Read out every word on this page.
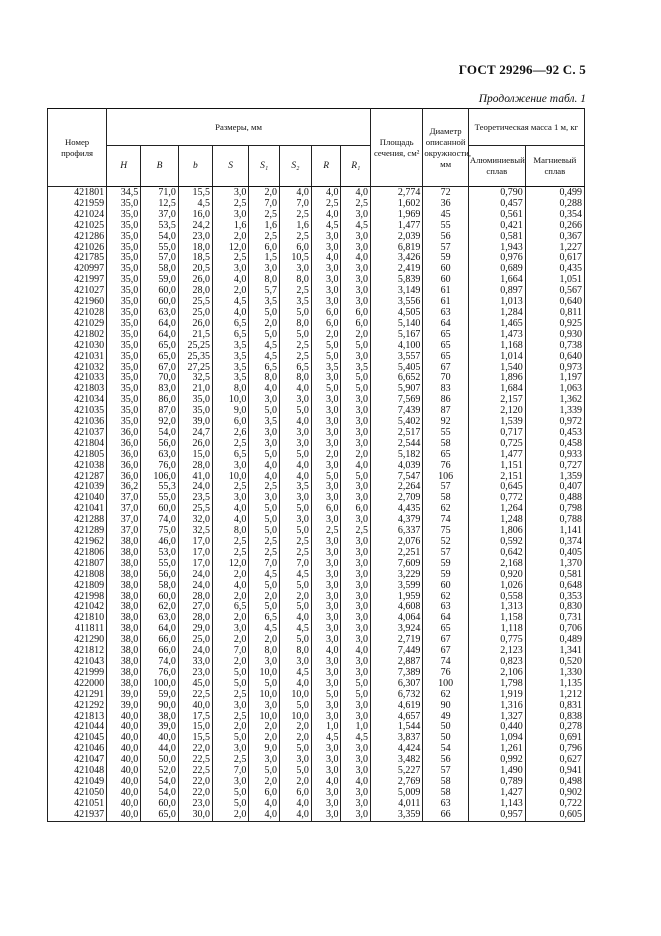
ГОСТ 29296—92 С. 5
Продолжение табл. 1
Номер профиля	Размеры, мм								Площадь сечения, см²	Диаметр описанной окружности, мм	Теоретическая масса 1 м, кг	
	H	B	b	S	S₁	S₂	R	R₁			Алюминиевый сплав	Магниевый сплав
421801	34,5	71,0	15,5	3,0	2,0	4,0	4,0	4,0	2,774	72	0,790	0,499
421959	35,0	12,5	4,5	2,5	7,0	7,0	2,5	2,5	1,602	36	0,457	0,288
421024	35,0	37,0	16,0	3,0	2,5	2,5	4,0	3,0	1,969	45	0,561	0,354
421025	35,0	53,5	24,2	1,6	1,6	1,6	4,5	4,5	1,477	55	0,421	0,266
421286	35,0	54,0	23,0	2,0	2,5	2,5	3,0	3,0	2,039	56	0,581	0,367
421026	35,0	55,0	18,0	12,0	6,0	6,0	3,0	3,0	6,819	57	1,943	1,227
421785	35,0	57,0	18,5	2,5	1,5	10,5	4,0	4,0	3,426	59	0,976	0,617
420997	35,0	58,0	20,5	3,0	3,0	3,0	3,0	3,0	2,419	60	0,689	0,435
421997	35,0	59,0	26,0	4,0	8,0	8,0	3,0	3,0	5,839	60	1,664	1,051
421027	35,0	60,0	28,0	2,0	5,7	2,5	3,0	3,0	3,149	61	0,897	0,567
421960	35,0	60,0	25,5	4,5	3,5	3,5	3,0	3,0	3,556	61	1,013	0,640
421028	35,0	63,0	25,0	4,0	5,0	5,0	6,0	6,0	4,505	63	1,284	0,811
421029	35,0	64,0	26,0	6,5	2,0	8,0	6,0	6,0	5,140	64	1,465	0,925
421802	35,0	64,0	21,5	6,5	5,0	5,0	2,0	2,0	5,167	65	1,473	0,930
421030	35,0	65,0	25,25	3,5	4,5	2,5	5,0	5,0	4,100	65	1,168	0,738
421031	35,0	65,0	25,35	3,5	4,5	2,5	5,0	3,0	3,557	65	1,014	0,640
421032	35,0	67,0	27,25	3,5	6,5	6,5	3,5	3,5	5,405	67	1,540	0,973
421033	35,0	70,0	32,5	3,5	8,0	8,0	3,0	5,0	6,652	70	1,896	1,197
421803	35,0	83,0	21,0	8,0	4,0	4,0	5,0	5,0	5,907	83	1,684	1,063
421034	35,0	86,0	35,0	10,0	3,0	3,0	3,0	3,0	7,569	86	2,157	1,362
421035	35,0	87,0	35,0	9,0	5,0	5,0	3,0	3,0	7,439	87	2,120	1,339
421036	35,0	92,0	39,0	6,0	3,5	4,0	3,0	3,0	5,402	92	1,539	0,972
421037	36,0	54,0	24,7	2,6	3,0	3,0	3,0	3,0	2,517	55	0,717	0,453
421804	36,0	56,0	26,0	2,5	3,0	3,0	3,0	3,0	2,544	58	0,725	0,458
421805	36,0	63,0	15,0	6,5	5,0	5,0	2,0	2,0	5,182	65	1,477	0,933
421038	36,0	76,0	28,0	3,0	4,0	4,0	3,0	4,0	4,039	76	1,151	0,727
421287	36,0	106,0	41,0	10,0	4,0	4,0	5,0	5,0	7,547	106	2,151	1,359
421039	36,2	55,3	24,0	2,5	2,5	3,5	3,0	3,0	2,264	57	0,645	0,407
421040	37,0	55,0	23,5	3,0	3,0	3,0	3,0	3,0	2,709	58	0,772	0,488
421041	37,0	60,0	25,5	4,0	5,0	5,0	6,0	6,0	4,435	62	1,264	0,798
421288	37,0	74,0	32,0	4,0	5,0	3,0	3,0	3,0	4,379	74	1,248	0,788
421289	37,0	75,0	32,5	8,0	5,0	5,0	2,5	2,5	6,337	75	1,806	1,141
421962	38,0	46,0	17,0	2,5	2,5	2,5	3,0	3,0	2,076	52	0,592	0,374
421806	38,0	53,0	17,0	2,5	2,5	2,5	3,0	3,0	2,251	57	0,642	0,405
421807	38,0	55,0	17,0	12,0	7,0	7,0	3,0	3,0	7,609	59	2,168	1,370
421808	38,0	56,0	24,0	2,0	4,5	4,5	3,0	3,0	3,229	59	0,920	0,581
421809	38,0	58,0	24,0	4,0	5,0	5,0	3,0	3,0	3,599	60	1,026	0,648
421998	38,0	60,0	28,0	2,0	2,0	2,0	3,0	3,0	1,959	62	0,558	0,353
421042	38,0	62,0	27,0	6,5	5,0	5,0	3,0	3,0	4,608	63	1,313	0,830
421810	38,0	63,0	28,0	2,0	6,5	4,0	3,0	3,0	4,064	64	1,158	0,731
411811	38,0	64,0	29,0	3,0	4,5	4,5	3,0	3,0	3,924	65	1,118	0,706
421290	38,0	66,0	25,0	2,0	2,0	5,0	3,0	3,0	2,719	67	0,775	0,489
421812	38,0	66,0	24,0	7,0	8,0	8,0	4,0	4,0	7,449	67	2,123	1,341
421043	38,0	74,0	33,0	2,0	3,0	3,0	3,0	3,0	2,887	74	0,823	0,520
421999	38,0	76,0	23,0	5,0	10,0	4,5	3,0	3,0	7,389	76	2,106	1,330
422000	38,0	100,0	45,0	5,0	5,0	4,0	3,0	5,0	6,307	100	1,798	1,135
421291	39,0	59,0	22,5	2,5	10,0	10,0	5,0	5,0	6,732	62	1,919	1,212
421292	39,0	90,0	40,0	3,0	3,0	5,0	3,0	3,0	4,619	90	1,316	0,831
421813	40,0	38,0	17,5	2,5	10,0	10,0	3,0	3,0	4,657	49	1,327	0,838
421044	40,0	39,0	15,0	2,0	2,0	2,0	1,0	1,0	1,544	50	0,440	0,278
421045	40,0	40,0	15,5	5,0	2,0	2,0	4,5	4,5	3,837	50	1,094	0,691
421046	40,0	44,0	22,0	3,0	9,0	5,0	3,0	3,0	4,424	54	1,261	0,796
421047	40,0	50,0	22,5	2,5	3,0	3,0	3,0	3,0	3,482	56	0,992	0,627
421048	40,0	52,0	22,5	7,0	5,0	5,0	3,0	3,0	5,227	57	1,490	0,941
421049	40,0	54,0	22,0	3,0	2,0	2,0	4,0	4,0	2,769	58	0,789	0,498
421050	40,0	54,0	22,0	5,0	6,0	6,0	3,0	3,0	5,009	58	1,427	0,902
421051	40,0	60,0	23,0	5,0	4,0	4,0	3,0	3,0	4,011	63	1,143	0,722
421937	40,0	65,0	30,0	2,0	4,0	4,0	3,0	3,0	3,359	66	0,957	0,605
